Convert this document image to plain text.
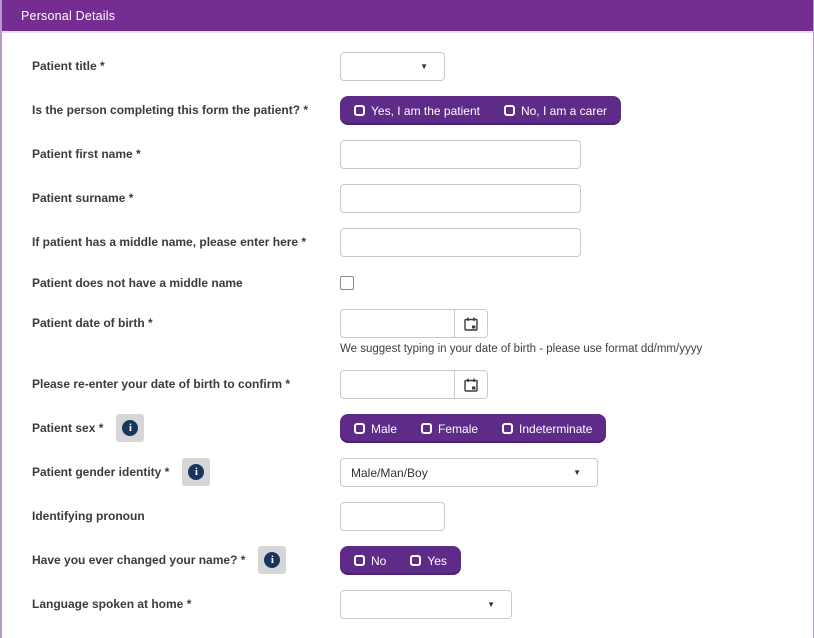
Personal Details
Patient title *	▼
Is the person completing this form the patient? *	Yes, I am the patient	No, I am a carer
Patient first name *
Patient surname *
If patient has a middle name, please enter here *
Patient does not have a middle name
Patient date of birth *
We suggest typing in your date of birth - please use format dd/mm/yyyy
Please re-enter your date of birth to confirm *
Patient sex *	i	Male	Female	Indeterminate
Patient gender identity *	i	Male/Man/Boy	▼
Identifying pronoun
Have you ever changed your name? *	i	No	Yes
Language spoken at home *	▼
